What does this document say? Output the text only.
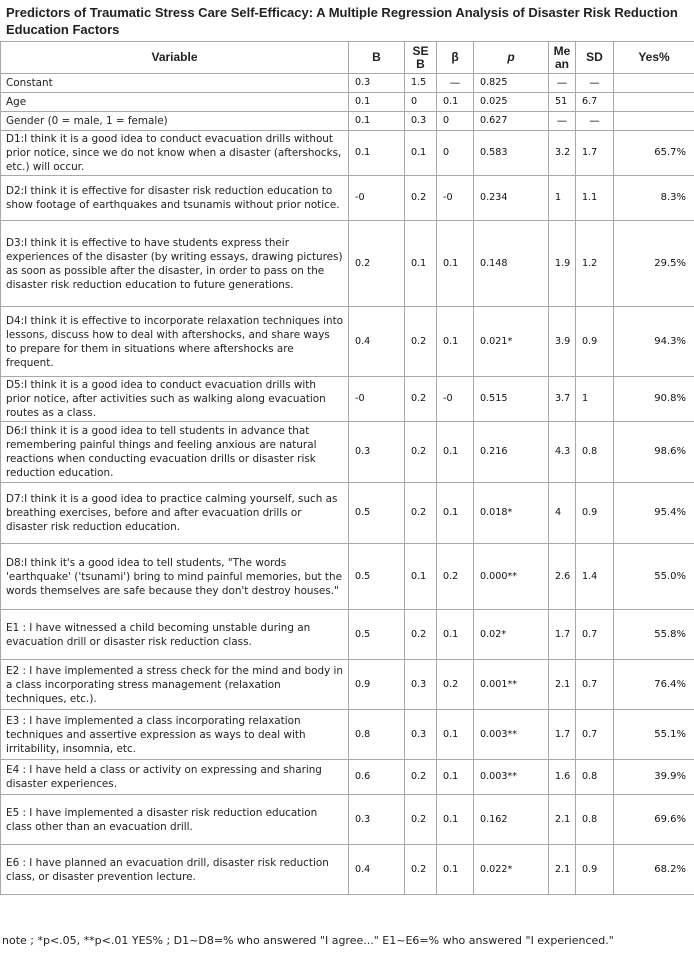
Predictors of Traumatic Stress Care Self-Efficacy: A Multiple Regression Analysis of Disaster Risk Reduction Education Factors
Variable	B	SE B	β	p	Me an	SD	Yes%
Constant	0.3	1.5	—	0.825	—	—	
Age	0.1	0	0.1	0.025	51	6.7	
Gender (0 = male, 1 = female)	0.1	0.3	0	0.627	—	—	
D1:I think it is a good idea to conduct evacuation drills without prior notice, since we do not know when a disaster (aftershocks, etc.) will occur.	0.1	0.1	0	0.583	3.2	1.7	65.7%
D2:I think it is effective for disaster risk reduction education to show footage of earthquakes and tsunamis without prior notice.	-0	0.2	-0	0.234	1	1.1	8.3%
D3:I think it is effective to have students express their experiences of the disaster (by writing essays, drawing pictures) as soon as possible after the disaster, in order to pass on the disaster risk reduction education to future generations.	0.2	0.1	0.1	0.148	1.9	1.2	29.5%
D4:I think it is effective to incorporate relaxation techniques into lessons, discuss how to deal with aftershocks, and share ways to prepare for them in situations where aftershocks are frequent.	0.4	0.2	0.1	0.021*	3.9	0.9	94.3%
D5:I think it is a good idea to conduct evacuation drills with prior notice, after activities such as walking along evacuation routes as a class.	-0	0.2	-0	0.515	3.7	1	90.8%
D6:I think it is a good idea to tell students in advance that remembering painful things and feeling anxious are natural reactions when conducting evacuation drills or disaster risk reduction education.	0.3	0.2	0.1	0.216	4.3	0.8	98.6%
D7:I think it is a good idea to practice calming yourself, such as breathing exercises, before and after evacuation drills or disaster risk reduction education.	0.5	0.2	0.1	0.018*	4	0.9	95.4%
D8:I think it's a good idea to tell students, "The words 'earthquake' ('tsunami') bring to mind painful memories, but the words themselves are safe because they don't destroy houses."	0.5	0.1	0.2	0.000**	2.6	1.4	55.0%
E1 : I have witnessed a child becoming unstable during an evacuation drill or disaster risk reduction class.	0.5	0.2	0.1	0.02*	1.7	0.7	55.8%
E2 : I have implemented a stress check for the mind and body in a class incorporating stress management (relaxation techniques, etc.).	0.9	0.3	0.2	0.001**	2.1	0.7	76.4%
E3 : I have implemented a class incorporating relaxation techniques and assertive expression as ways to deal with irritability, insomnia, etc.	0.8	0.3	0.1	0.003**	1.7	0.7	55.1%
E4 : I have held a class or activity on expressing and sharing disaster experiences.	0.6	0.2	0.1	0.003**	1.6	0.8	39.9%
E5 : I have implemented a disaster risk reduction education class other than an evacuation drill.	0.3	0.2	0.1	0.162	2.1	0.8	69.6%
E6 : I have planned an evacuation drill, disaster risk reduction class, or disaster prevention lecture.	0.4	0.2	0.1	0.022*	2.1	0.9	68.2%
note ; *p<.05, **p<.01 YES% ; D1~D8=% who answered "I agree..." E1~E6=% who answered "I experienced."
